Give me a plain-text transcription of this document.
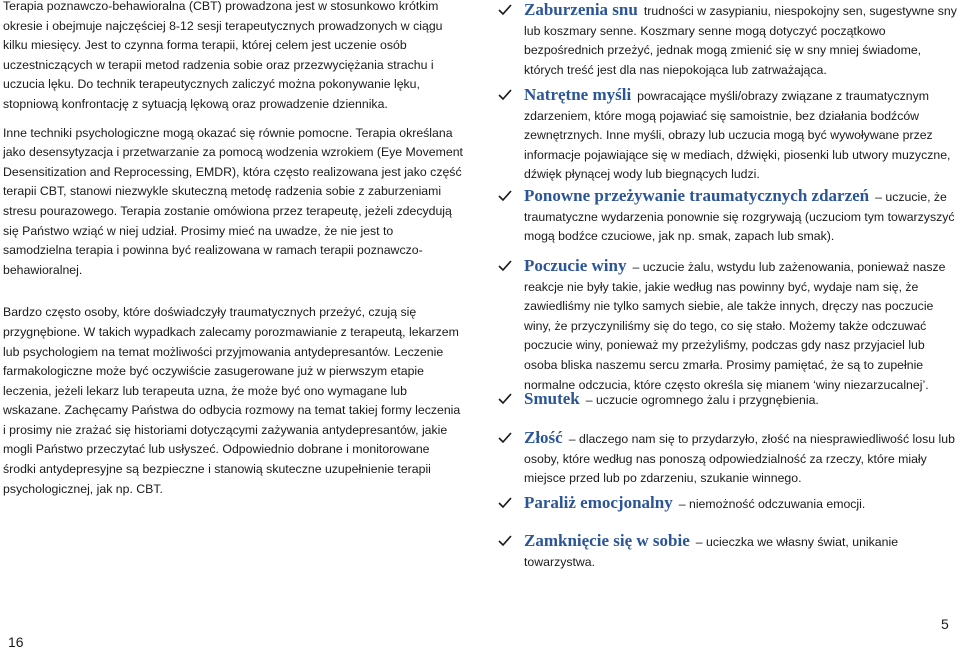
Terapia poznawczo-behawioralna (CBT) prowadzona jest w stosunkowo krótkim okresie i obejmuje najczęściej 8-12 sesji terapeutycznych prowadzonych w ciągu kilku miesięcy. Jest to czynna forma terapii, której celem jest uczenie osób uczestniczących w terapii metod radzenia sobie oraz przezwyciężania strachu i uczucia lęku. Do technik terapeutycznych zaliczyć można pokonywanie lęku, stopniową konfrontację z sytuacją lękową oraz prowadzenie dziennika.

Inne techniki psychologiczne mogą okazać się równie pomocne. Terapia określana jako desensytyzacja i przetwarzanie za pomocą wodzenia wzrokiem (Eye Movement Desensitization and Reprocessing, EMDR), która często realizowana jest jako część terapii CBT, stanowi niezwykle skuteczną metodę radzenia sobie z zaburzeniami stresu pourazowego. Terapia zostanie omówiona przez terapeutę, jeżeli zdecydują się Państwo wziąć w niej udział. Prosimy mieć na uwadze, że nie jest to samodzielna terapia i powinna być realizowana w ramach terapii poznawczo-behawioralnej.

Bardzo często osoby, które doświadczyły traumatycznych przeżyć, czują się przygnębione. W takich wypadkach zalecamy porozmawianie z terapeutą, lekarzem lub psychologiem na temat możliwości przyjmowania antydepresantów. Leczenie farmakologiczne może być oczywiście zasugerowane już w pierwszym etapie leczenia, jeżeli lekarz lub terapeuta uzna, że może być ono wymagane lub wskazane. Zachęcamy Państwa do odbycia rozmowy na temat takiej formy leczenia i prosimy nie zrażać się historiami dotyczącymi zażywania antydepresantów, jakie mogli Państwo przeczytać lub usłyszeć. Odpowiednio dobrane i monitorowane środki antydepresyjne są bezpieczne i stanowią skuteczne uzupełnienie terapii psychologicznej, jak np. CBT.

Zaburzenia snu trudności w zasypianiu, niespokojny sen, sugestywne sny lub koszmary senne. Koszmary senne mogą dotyczyć początkowo bezpośrednich przeżyć, jednak mogą zmienić się w sny mniej świadome, których treść jest dla nas niepokojąca lub zatrważająca.
Natrętne myśli powracające myśli/obrazy związane z traumatycznym zdarzeniem, które mogą pojawiać się samoistnie, bez działania bodźców zewnętrznych. Inne myśli, obrazy lub uczucia mogą być wywoływane przez informacje pojawiające się w mediach, dźwięki, piosenki lub utwory muzyczne, dźwięk płynącej wody lub biegnących ludzi.
Ponowne przeżywanie traumatycznych zdarzeń – uczucie, że traumatyczne wydarzenia ponownie się rozgrywają (uczuciom tym towarzyszyć mogą bodźce czuciowe, jak np. smak, zapach lub smak).
Poczucie winy – uczucie żalu, wstydu lub zażenowania, ponieważ nasze reakcje nie były takie, jakie według nas powinny być, wydaje nam się, że zawiedliśmy nie tylko samych siebie, ale także innych, dręczy nas poczucie winy, że przyczyniliśmy się do tego, co się stało. Możemy także odczuwać poczucie winy, ponieważ my przeżyliśmy, podczas gdy nasz przyjaciel lub osoba bliska naszemu sercu zmarła. Prosimy pamiętać, że są to zupełnie normalne odczucia, które często określa się mianem ‘winy niezarzucalnej’.
Smutek – uczucie ogromnego żalu i przygnębienia.
Złość – dlaczego nam się to przydarzyło, złość na niesprawiedliwość losu lub osoby, które według nas ponoszą odpowiedzialność za rzeczy, które miały miejsce przed lub po zdarzeniu, szukanie winnego.
Paraliż emocjonalny – niemożność odczuwania emocji.
Zamknięcie się w sobie – ucieczka we własny świat, unikanie towarzystwa.
16
5
